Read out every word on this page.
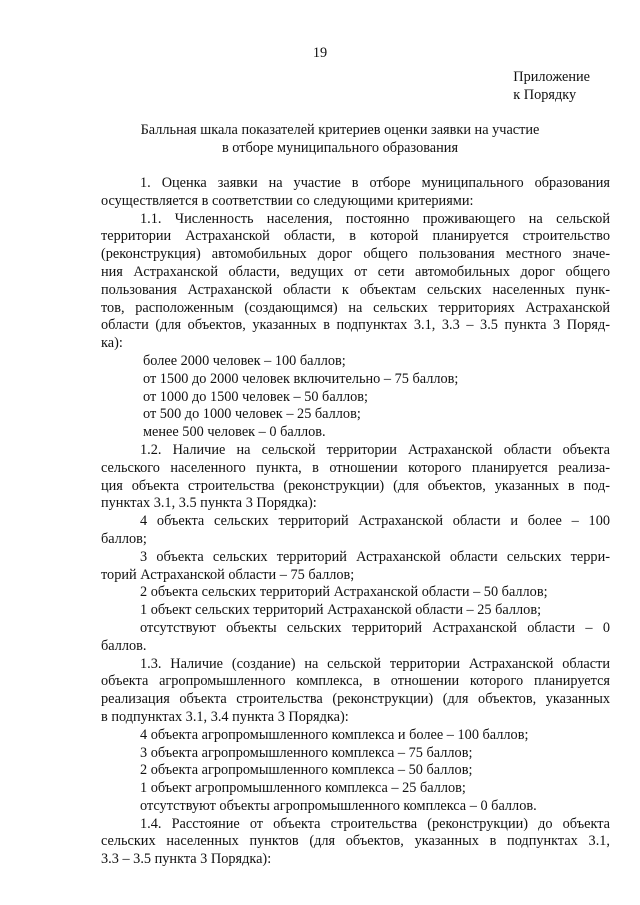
19
Приложение
к Порядку
Балльная шкала показателей критериев оценки заявки на участие
в отборе муниципального образования
1. Оценка заявки на участие в отборе муниципального образования
осуществляется в соответствии со следующими критериями:
1.1. Численность населения, постоянно проживающего на сельской
территории Астраханской области, в которой планируется строительство
(реконструкция) автомобильных дорог общего пользования местного значе-
ния Астраханской области, ведущих от сети автомобильных дорог общего
пользования Астраханской области к объектам сельских населенных пунк-
тов, расположенным (создающимся) на сельских территориях Астраханской
области (для объектов, указанных в подпунктах 3.1, 3.3 – 3.5 пункта 3 Поряд-
ка):
более 2000 человек – 100 баллов;
от 1500 до 2000 человек включительно – 75 баллов;
от 1000 до 1500 человек – 50 баллов;
от 500 до 1000 человек – 25 баллов;
менее 500 человек – 0 баллов.
1.2. Наличие на сельской территории Астраханской области объекта
сельского населенного пункта, в отношении которого планируется реализа-
ция объекта строительства (реконструкции) (для объектов, указанных в под-
пунктах 3.1, 3.5 пункта 3 Порядка):
4 объекта сельских территорий Астраханской области и более – 100
баллов;
3 объекта сельских территорий Астраханской области сельских терри-
торий Астраханской области – 75 баллов;
2 объекта сельских территорий Астраханской области – 50 баллов;
1 объект сельских территорий Астраханской области – 25 баллов;
отсутствуют объекты сельских территорий Астраханской области – 0
баллов.
1.3. Наличие (создание) на сельской территории Астраханской области
объекта агропромышленного комплекса, в отношении которого планируется
реализация объекта строительства (реконструкции) (для объектов, указанных
в подпунктах 3.1, 3.4 пункта 3 Порядка):
4 объекта агропромышленного комплекса и более – 100 баллов;
3 объекта агропромышленного комплекса – 75 баллов;
2 объекта агропромышленного комплекса – 50 баллов;
1 объект агропромышленного комплекса – 25 баллов;
отсутствуют объекты агропромышленного комплекса – 0 баллов.
1.4. Расстояние от объекта строительства (реконструкции) до объекта
сельских населенных пунктов (для объектов, указанных в подпунктах 3.1,
3.3 – 3.5 пункта 3 Порядка):
